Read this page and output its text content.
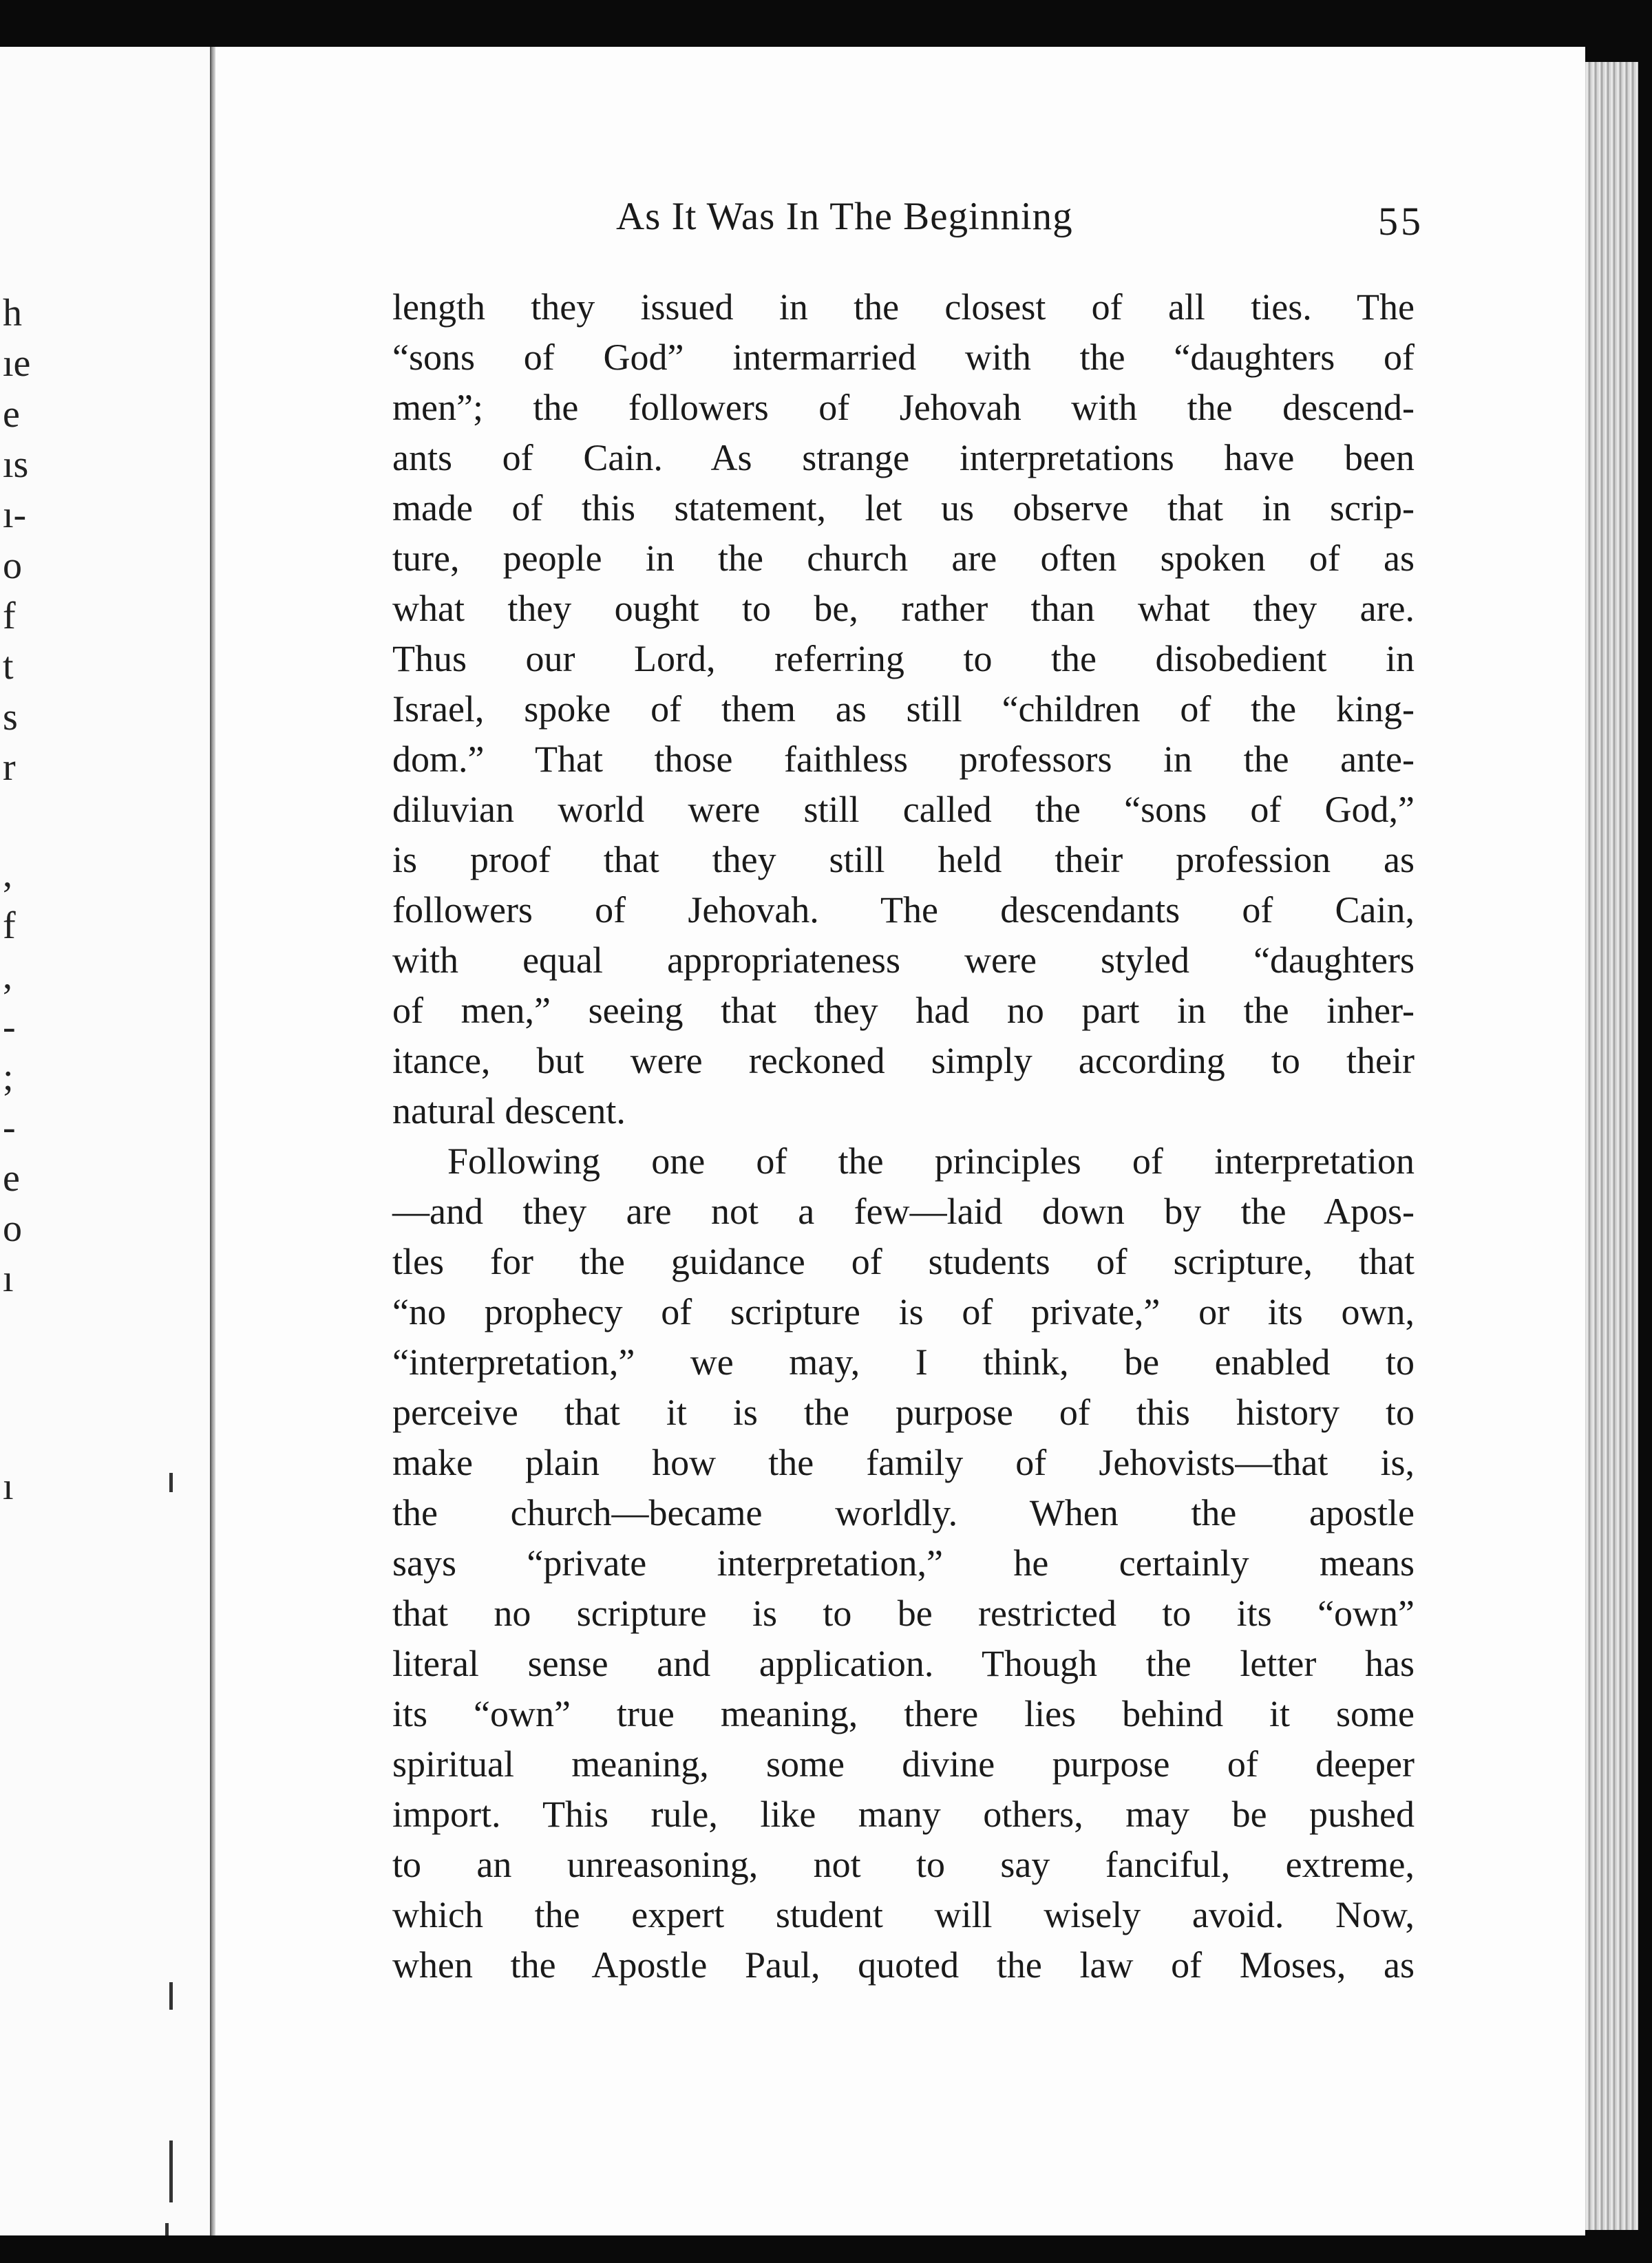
h
ıe
e
ıs
ı-
o
f
t
s
r
,
f
,
-
;
-
e
o
ı
ı
As It Was In The Beginning	55
length they issued in the closest of all ties. The
“sons of God” intermarried with the “daughters of
men”; the followers of Jehovah with the descend-
ants of Cain. As strange interpretations have been
made of this statement, let us observe that in scrip-
ture, people in the church are often spoken of as
what they ought to be, rather than what they are.
Thus our Lord, referring to the disobedient in
Israel, spoke of them as still “children of the king-
dom.” That those faithless professors in the ante-
diluvian world were still called the “sons of God,”
is proof that they still held their profession as
followers of Jehovah. The descendants of Cain,
with equal appropriateness were styled “daughters
of men,” seeing that they had no part in the inher-
itance, but were reckoned simply according to their
natural descent.
Following one of the principles of interpretation
—and they are not a few—laid down by the Apos-
tles for the guidance of students of scripture, that
“no prophecy of scripture is of private,” or its own,
“interpretation,” we may, I think, be enabled to
perceive that it is the purpose of this history to
make plain how the family of Jehovists—that is,
the church—became worldly. When the apostle
says “private interpretation,” he certainly means
that no scripture is to be restricted to its “own”
literal sense and application. Though the letter has
its “own” true meaning, there lies behind it some
spiritual meaning, some divine purpose of deeper
import. This rule, like many others, may be pushed
to an unreasoning, not to say fanciful, extreme,
which the expert student will wisely avoid. Now,
when the Apostle Paul, quoted the law of Moses, as
